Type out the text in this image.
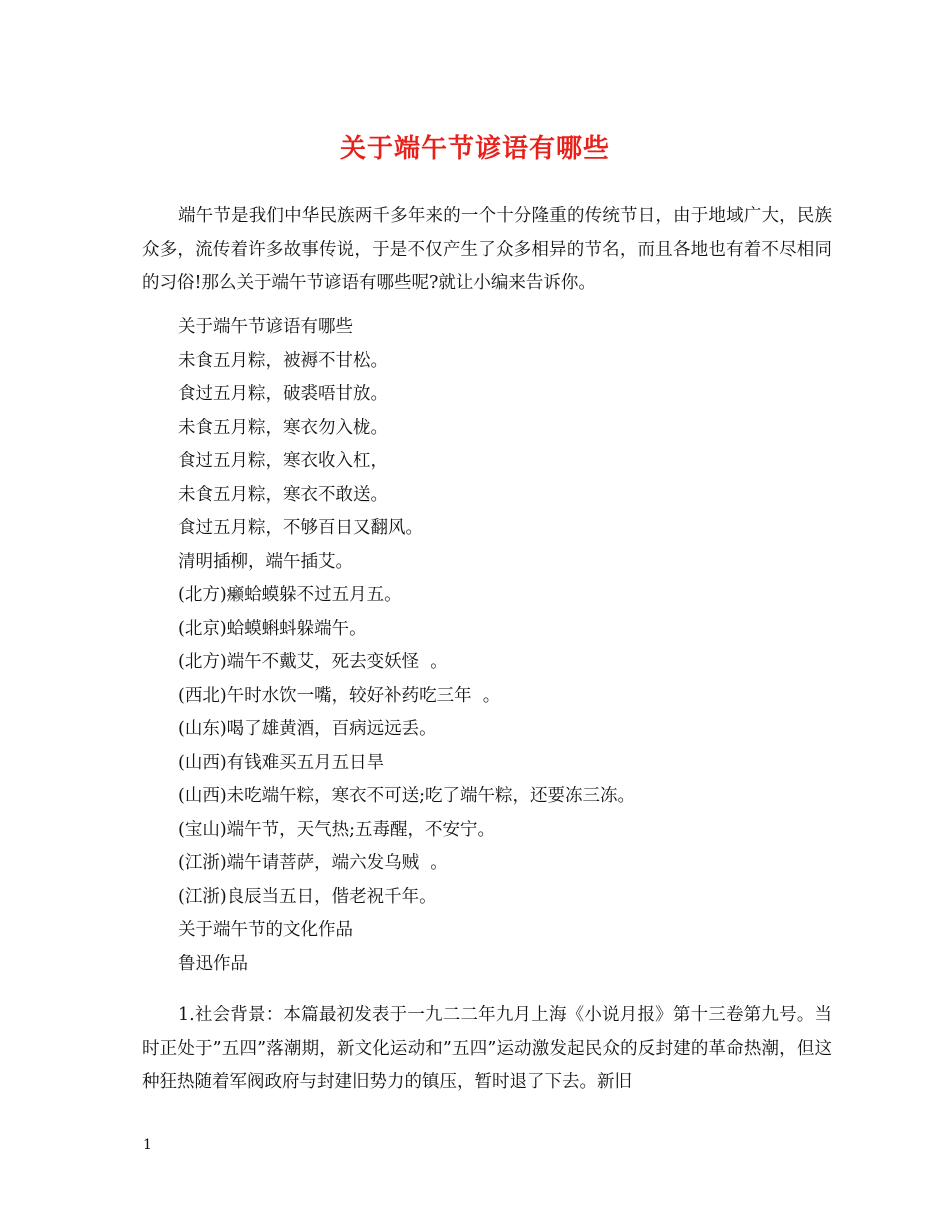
关于端午节谚语有哪些

端午节是我们中华民族两千多年来的一个十分隆重的传统节日，由于地域广大，民族众多，流传着许多故事传说，于是不仅产生了众多相异的节名，而且各地也有着不尽相同的习俗!那么关于端午节谚语有哪些呢?就让小编来告诉你。

关于端午节谚语有哪些

未食五月粽，被褥不甘松。

食过五月粽，破裘唔甘放。

未食五月粽，寒衣勿入栊。

食过五月粽，寒衣收入杠，

未食五月粽，寒衣不敢送。

食过五月粽，不够百日又翻风。

清明插柳，端午插艾。

(北方)癞蛤蟆躲不过五月五。

(北京)蛤蟆蝌蚪躲端午。

(北方)端午不戴艾，死去变妖怪  。

(西北)午时水饮一嘴，较好补药吃三年  。

(山东)喝了雄黄酒，百病远远丢。

(山西)有钱难买五月五日旱

(山西)未吃端午粽，寒衣不可送;吃了端午粽，还要冻三冻。

(宝山)端午节，天气热;五毒醒，不安宁。

(江浙)端午请菩萨，端六发乌贼  。

(江浙)良辰当五日，偕老祝千年。

关于端午节的文化作品

鲁迅作品

1.社会背景：本篇最初发表于一九二二年九月上海《小说月报》第十三卷第九号。当时正处于”五四”落潮期，新文化运动和”五四”运动激发起民众的反封建的革命热潮，但这种狂热随着军阀政府与封建旧势力的镇压，暂时退了下去。新旧

1
